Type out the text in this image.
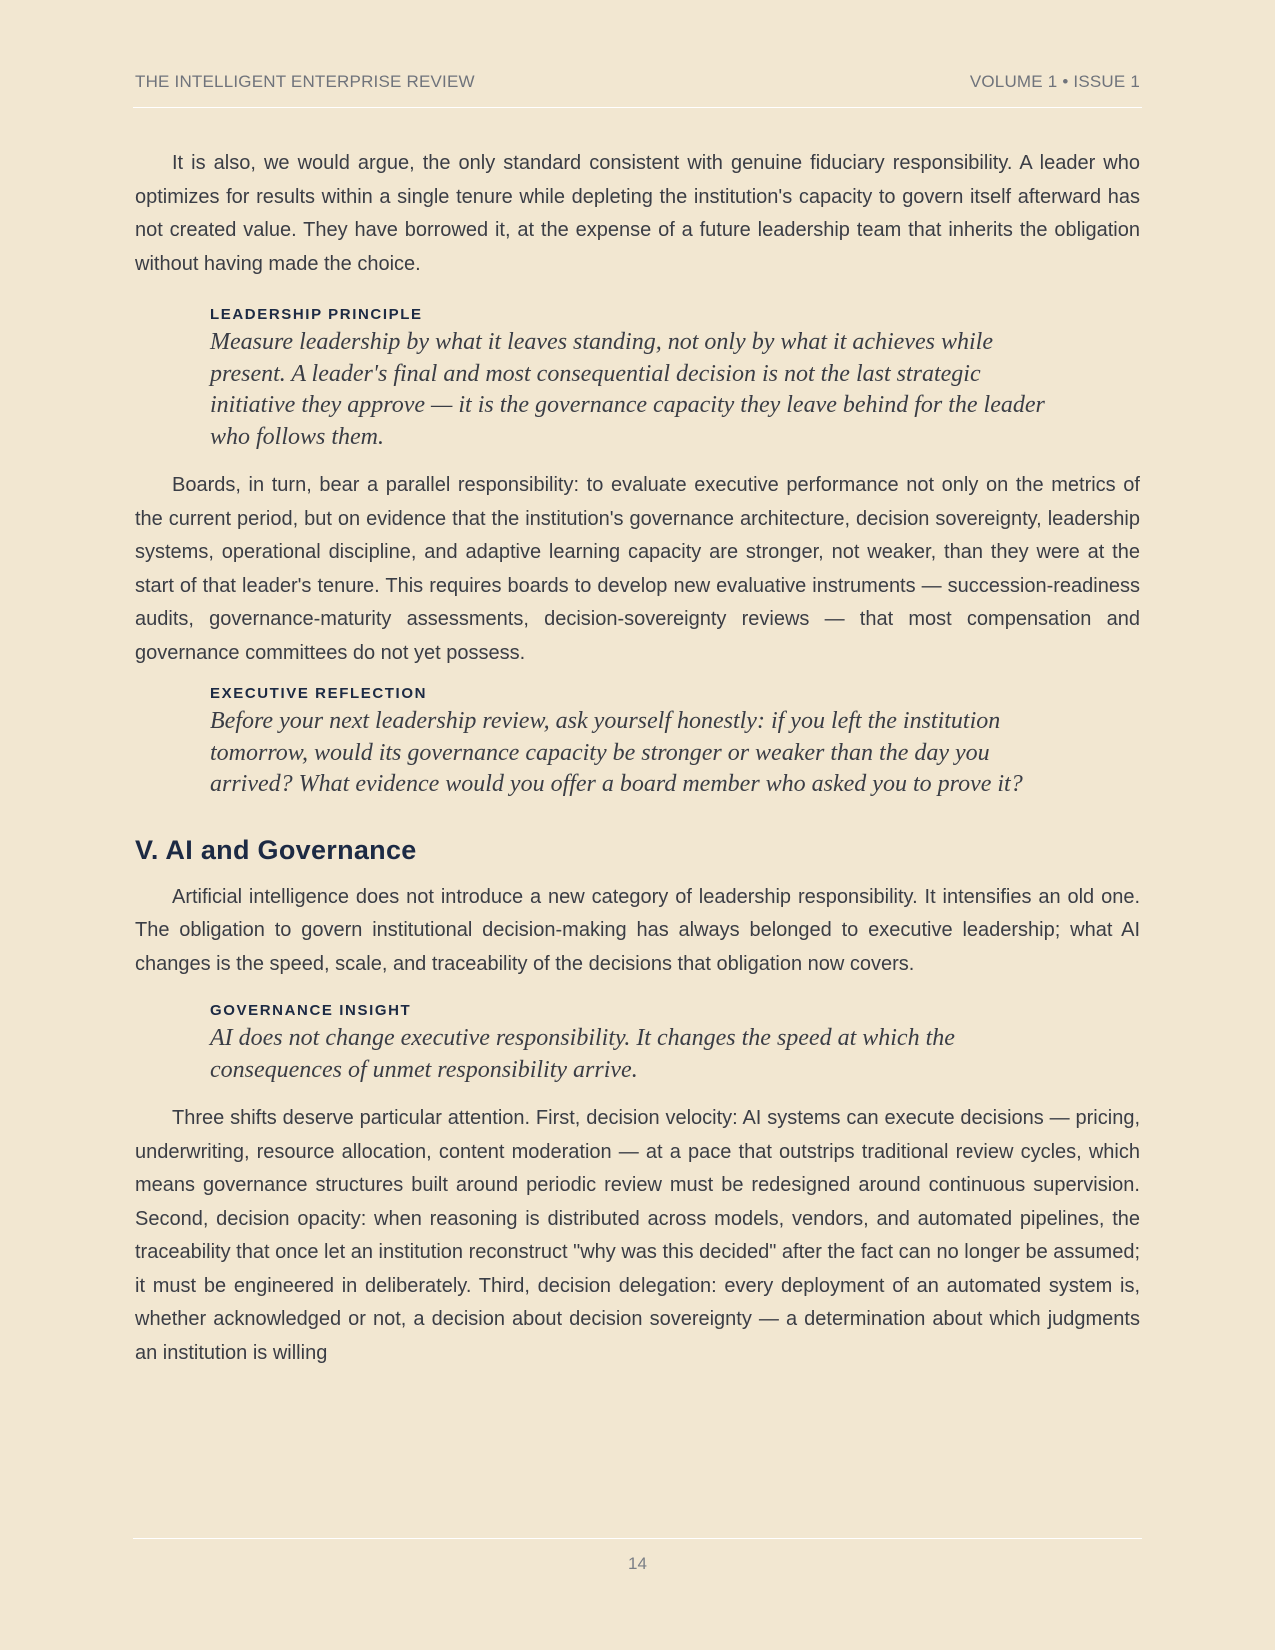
THE INTELLIGENT ENTERPRISE REVIEW	VOLUME 1 • ISSUE 1

It is also, we would argue, the only standard consistent with genuine fiduciary responsibility. A leader who optimizes for results within a single tenure while depleting the institution's capacity to govern itself afterward has not created value. They have borrowed it, at the expense of a future leadership team that inherits the obligation without having made the choice.

LEADERSHIP PRINCIPLE

Measure leadership by what it leaves standing, not only by what it achieves while present. A leader's final and most consequential decision is not the last strategic initiative they approve — it is the governance capacity they leave behind for the leader who follows them.

Boards, in turn, bear a parallel responsibility: to evaluate executive performance not only on the metrics of the current period, but on evidence that the institution's governance architecture, decision sovereignty, leadership systems, operational discipline, and adaptive learning capacity are stronger, not weaker, than they were at the start of that leader's tenure. This requires boards to develop new evaluative instruments — succession-readiness audits, governance-maturity assessments, decision-sovereignty reviews — that most compensation and governance committees do not yet possess.

EXECUTIVE REFLECTION

Before your next leadership review, ask yourself honestly: if you left the institution tomorrow, would its governance capacity be stronger or weaker than the day you arrived? What evidence would you offer a board member who asked you to prove it?

V. AI and Governance

Artificial intelligence does not introduce a new category of leadership responsibility. It intensifies an old one. The obligation to govern institutional decision-making has always belonged to executive leadership; what AI changes is the speed, scale, and traceability of the decisions that obligation now covers.

GOVERNANCE INSIGHT

AI does not change executive responsibility. It changes the speed at which the consequences of unmet responsibility arrive.

Three shifts deserve particular attention. First, decision velocity: AI systems can execute decisions — pricing, underwriting, resource allocation, content moderation — at a pace that outstrips traditional review cycles, which means governance structures built around periodic review must be redesigned around continuous supervision. Second, decision opacity: when reasoning is distributed across models, vendors, and automated pipelines, the traceability that once let an institution reconstruct "why was this decided" after the fact can no longer be assumed; it must be engineered in deliberately. Third, decision delegation: every deployment of an automated system is, whether acknowledged or not, a decision about decision sovereignty — a determination about which judgments an institution is willing

14
